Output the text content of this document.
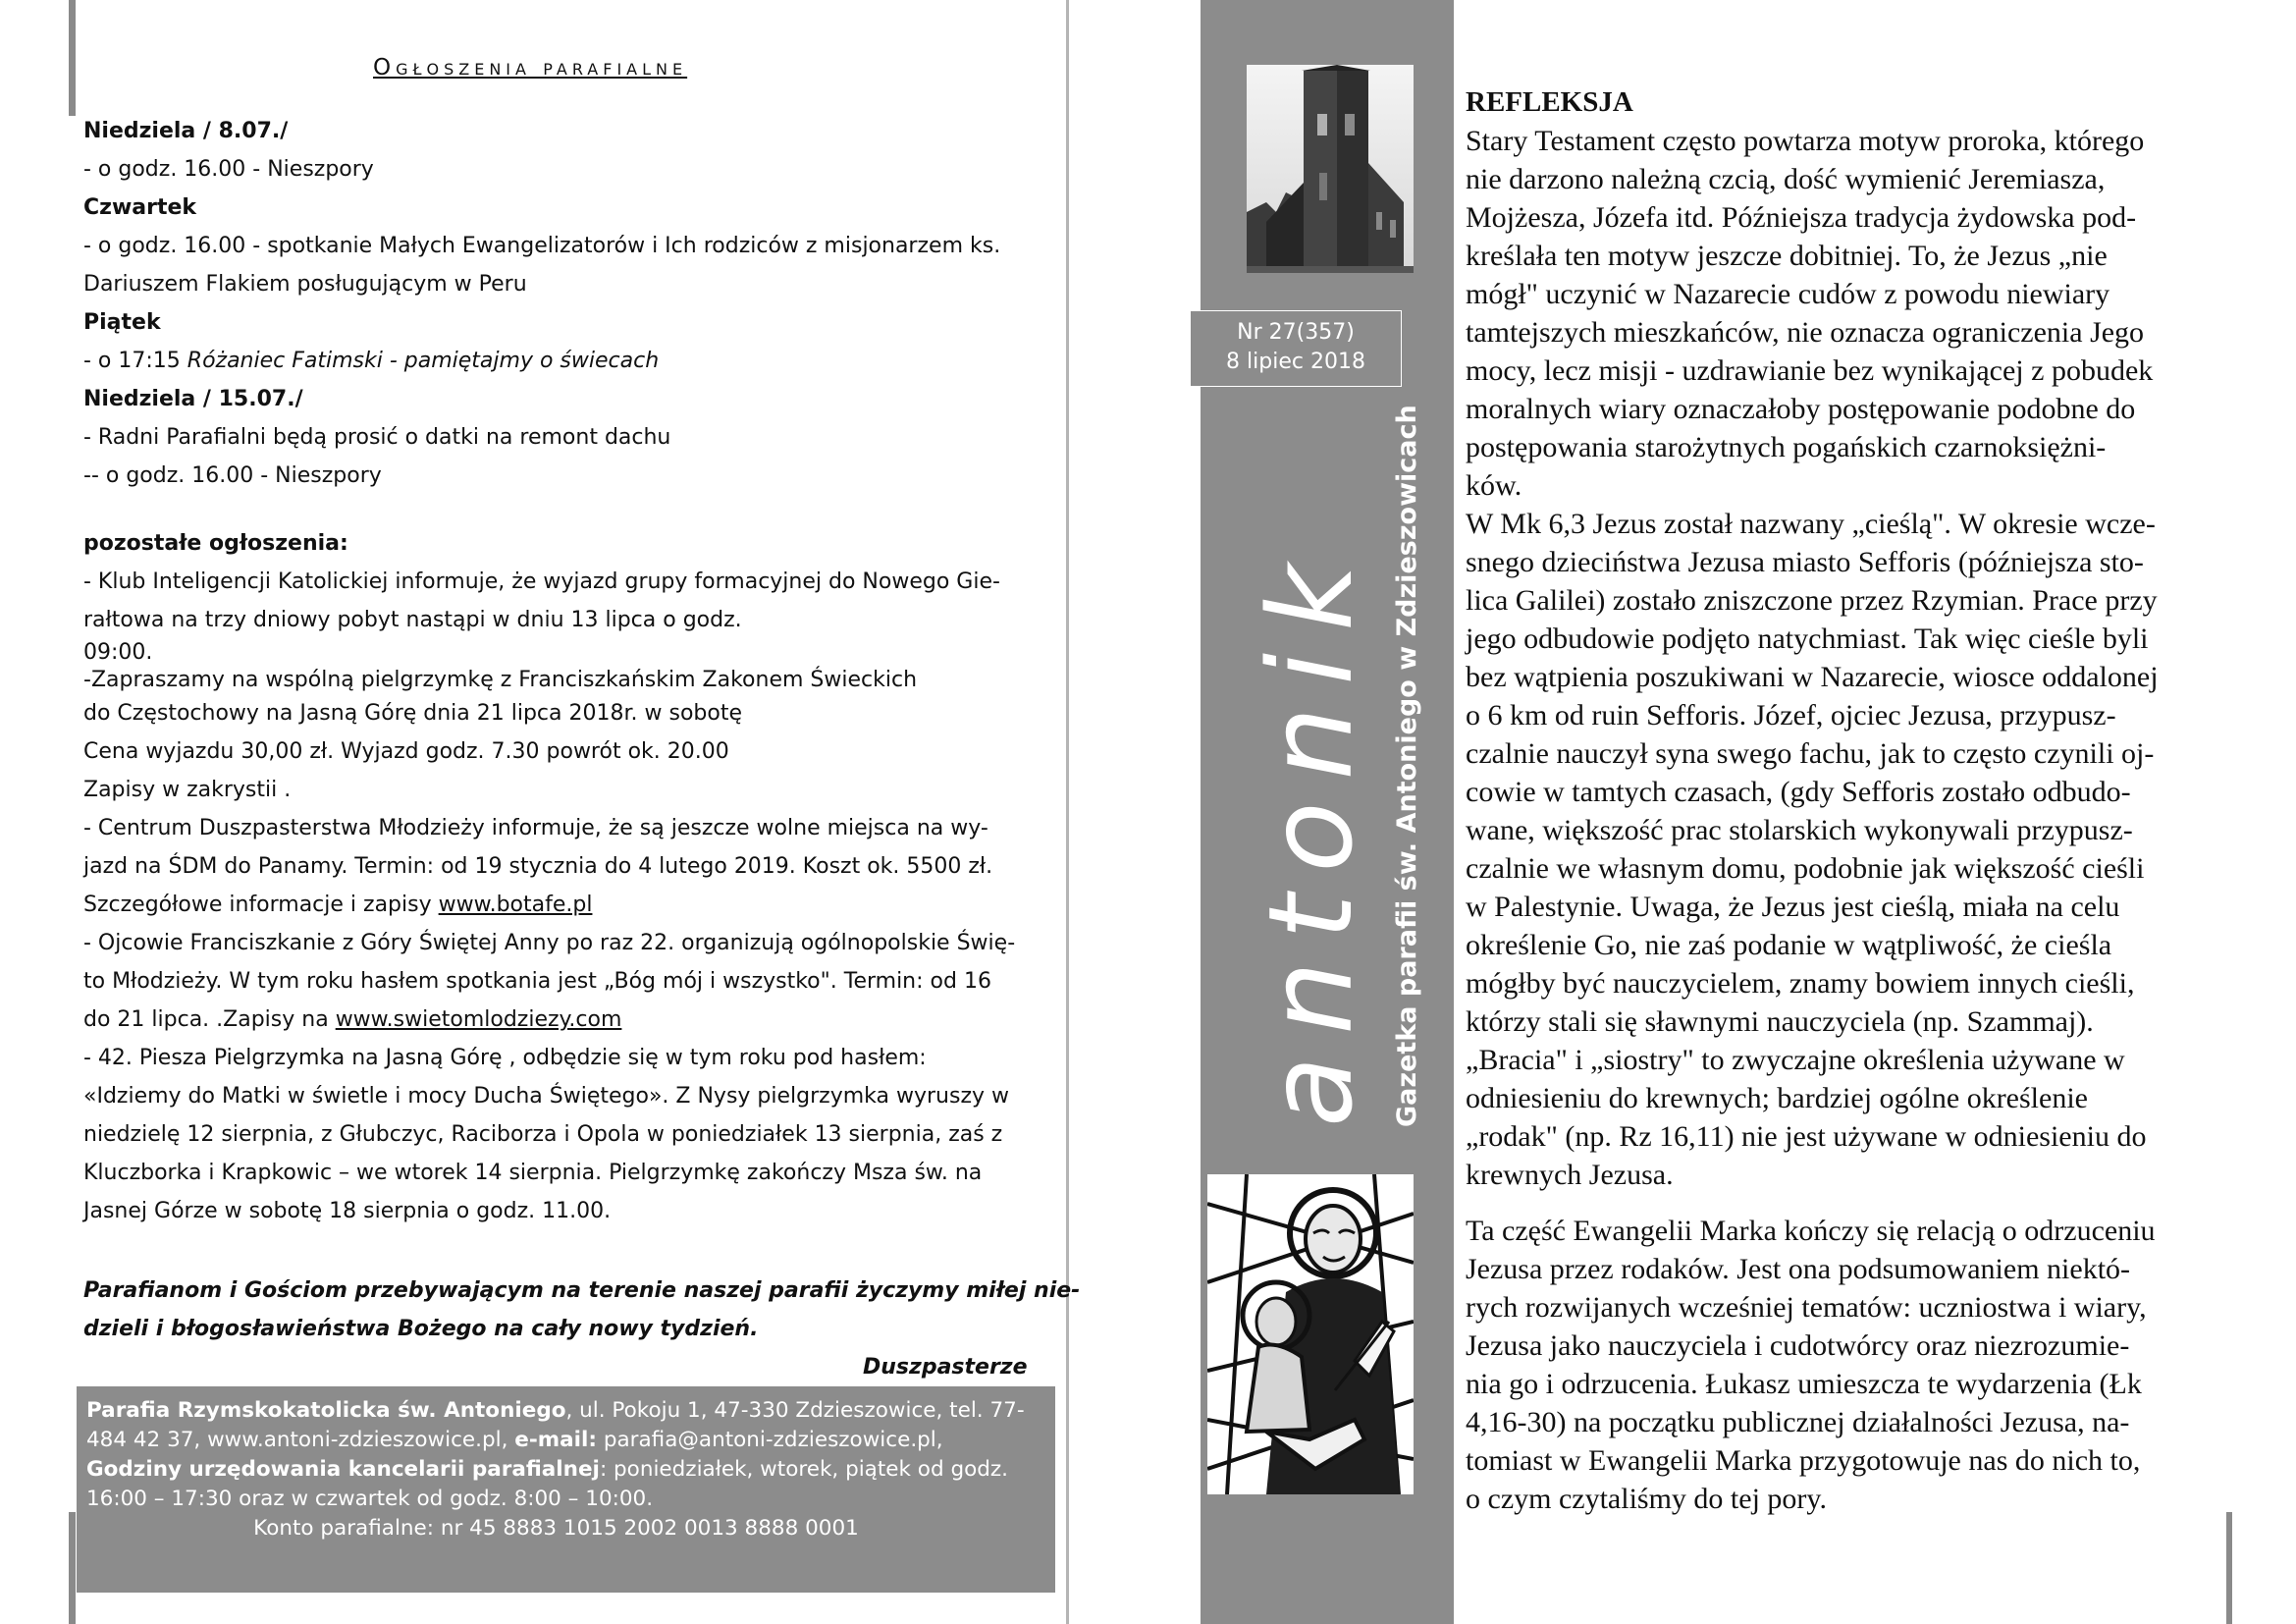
Ogłoszenia parafialne

Niedziela / 8.07./

- o godz. 16.00 - Nieszpory

Czwartek

- o godz. 16.00 - spotkanie Małych Ewangelizatorów i Ich rodziców z misjonarzem ks.

Dariuszem Flakiem posługującym w Peru

Piątek

- o 17:15 Różaniec Fatimski - pamiętajmy o świecach

Niedziela / 15.07./

- Radni Parafialni będą prosić o datki na remont dachu

-- o godz. 16.00 - Nieszpory

pozostałe ogłoszenia:

- Klub Inteligencji Katolickiej informuje, że wyjazd grupy formacyjnej do Nowego Gie-

rałtowa na trzy dniowy pobyt nastąpi w dniu 13 lipca o godz.

09:00.

-Zapraszamy na wspólną pielgrzymkę z Franciszkańskim Zakonem Świeckich

do Częstochowy na Jasną Górę dnia 21 lipca 2018r. w sobotę

Cena wyjazdu 30,00 zł. Wyjazd godz. 7.30 powrót ok. 20.00

Zapisy w zakrystii .

- Centrum Duszpasterstwa Młodzieży informuje, że są jeszcze wolne miejsca na wy-

jazd na ŚDM do Panamy. Termin: od 19 stycznia do 4 lutego 2019. Koszt ok. 5500 zł.

Szczegółowe informacje i zapisy www.botafe.pl

- Ojcowie Franciszkanie z Góry Świętej Anny po raz 22. organizują ogólnopolskie Świę-

to Młodzieży. W tym roku hasłem spotkania jest „Bóg mój i wszystko". Termin: od 16

do 21 lipca. .Zapisy na www.swietomlodziezy.com

- 42. Piesza Pielgrzymka na Jasną Górę , odbędzie się w tym roku pod hasłem:

«Idziemy do Matki w świetle i mocy Ducha Świętego». Z Nysy pielgrzymka wyruszy w

niedzielę 12 sierpnia, z Głubczyc, Raciborza i Opola w poniedziałek 13 sierpnia, zaś z

Kluczborka i Krapkowic – we wtorek 14 sierpnia. Pielgrzymkę zakończy Msza św. na

Jasnej Górze w sobotę 18 sierpnia o godz. 11.00.

Parafianom i Gościom przebywającym na terenie naszej parafii życzymy miłej nie-

dzieli i błogosławieństwa Bożego na cały nowy tydzień.

Duszpasterze
Parafia Rzymskokatolicka św. Antoniego, ul. Pokoju 1, 47-330 Zdzieszowice, tel. 77-
484 42 37, www.antoni-zdzieszowice.pl, e-mail: parafia@antoni-zdzieszowice.pl,
Godziny urzędowania kancelarii parafialnej: poniedziałek, wtorek, piątek od godz.
16:00 – 17:30 oraz w czwartek od godz. 8:00 – 10:00.
Konto parafialne: nr 45 8883 1015 2002 0013 8888 0001
Nr 27(357)
8 lipiec 2018
antonik Gazetka parafii św. Antoniego w Zdzieszowicach

REFLEKSJA

Stary Testament często powtarza motyw proroka, którego

nie darzono należną czcią, dość wymienić Jeremiasza,

Mojżesza, Józefa itd. Późniejsza tradycja żydowska pod-

kreślała ten motyw jeszcze dobitniej. To, że Jezus „nie

mógł" uczynić w Nazarecie cudów z powodu niewiary

tamtejszych mieszkańców, nie oznacza ograniczenia Jego

mocy, lecz misji - uzdrawianie bez wynikającej z pobudek

moralnych wiary oznaczałoby postępowanie podobne do

postępowania starożytnych pogańskich czarnoksiężni-

ków.

W Mk 6,3 Jezus został nazwany „cieślą". W okresie wcze-

snego dzieciństwa Jezusa miasto Sefforis (późniejsza sto-

lica Galilei) zostało zniszczone przez Rzymian. Prace przy

jego odbudowie podjęto natychmiast. Tak więc cieśle byli

bez wątpienia poszukiwani w Nazarecie, wiosce oddalonej

o 6 km od ruin Sefforis. Józef, ojciec Jezusa, przypusz-

czalnie nauczył syna swego fachu, jak to często czynili oj-

cowie w tamtych czasach, (gdy Sefforis zostało odbudo-

wane, większość prac stolarskich wykonywali przypusz-

czalnie we własnym domu, podobnie jak większość cieśli

w Palestynie. Uwaga, że Jezus jest cieślą, miała na celu

określenie Go, nie zaś podanie w wątpliwość, że cieśla

mógłby być nauczycielem, znamy bowiem innych cieśli,

którzy stali się sławnymi nauczyciela (np. Szammaj).

„Bracia" i „siostry" to zwyczajne określenia używane w

odniesieniu do krewnych; bardziej ogólne określenie

„rodak" (np. Rz 16,11) nie jest używane w odniesieniu do

krewnych Jezusa.

Ta część Ewangelii Marka kończy się relacją o odrzuceniu

Jezusa przez rodaków. Jest ona podsumowaniem niektó-

rych rozwijanych wcześniej tematów: uczniostwa i wiary,

Jezusa jako nauczyciela i cudotwórcy oraz niezrozumie-

nia go i odrzucenia. Łukasz umieszcza te wydarzenia (Łk

4,16-30) na początku publicznej działalności Jezusa, na-

tomiast w Ewangelii Marka przygotowuje nas do nich to,

o czym czytaliśmy do tej pory.
